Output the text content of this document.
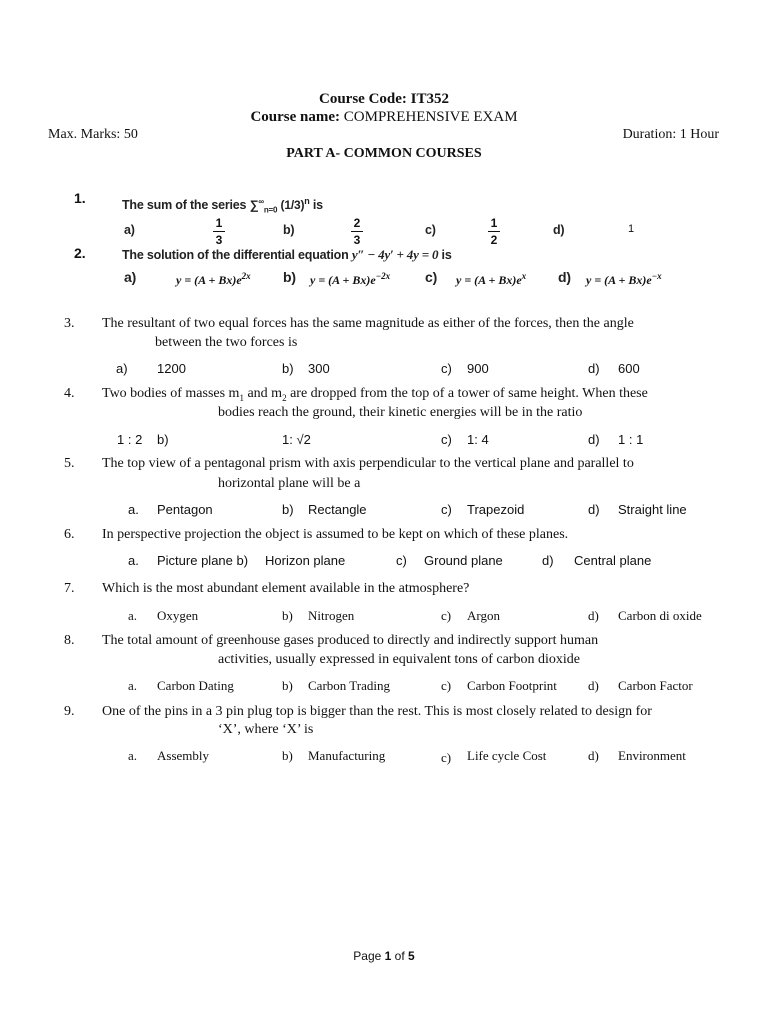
Course Code: IT352
Course name: COMPREHENSIVE EXAM
Max. Marks: 50	Duration: 1 Hour
PART A- COMMON COURSES
1.	The sum of the series $\sum^\infty_{n=0}$ $(1/3)^n$ is
a)	1
3
b)	2
3
c)	1
2
d)	1
2.	The solution of the differential equation y″ − 4y′ + 4y = 0 is
a)	$y = (A + Bx)e^{2x}$ b) $y = (A + Bx)e^{-2x}$ c) $y = (A + Bx)e^x$ d) $y = (A + Bx)e^{-x}$
3. The resultant of two equal forces has the same magnitude as either of the forces, then the angle
between the two forces is
a) 1200	b) 300	c) 900	d) 600
4. Two bodies of masses $m_1$ and $m_2$ are dropped from the top of a tower of same height. When these
bodies reach the ground, their kinetic energies will be in the ratio
1 : 2 b)	1: √2	c) 1: 4	d) 1 : 1
5. The top view of a pentagonal prism with axis perpendicular to the vertical plane and parallel to
horizontal plane will be a
a. Pentagon	b) Rectangle	c) Trapezoid	d) Straight line
6. In perspective projection the object is assumed to be kept on which of these planes.
a. Picture plane b) Horizon plane	c) Ground plane	d) Central plane
7. Which is the most abundant element available in the atmosphere?
a. Oxygen	b) Nitrogen	c) Argon	d) Carbon di oxide
8. The total amount of greenhouse gases produced to directly and indirectly support human
activities, usually expressed in equivalent tons of carbon dioxide
a. Carbon Dating	b) Carbon Trading	c) Carbon Footprint d) Carbon Factor
9. One of the pins in a 3 pin plug top is bigger than the rest. This is most closely related to design for
‘X’, where ‘X’ is
a. Assembly	b) Manufacturing	c) Life cycle Cost	d) Environment
Page 1 of 5
